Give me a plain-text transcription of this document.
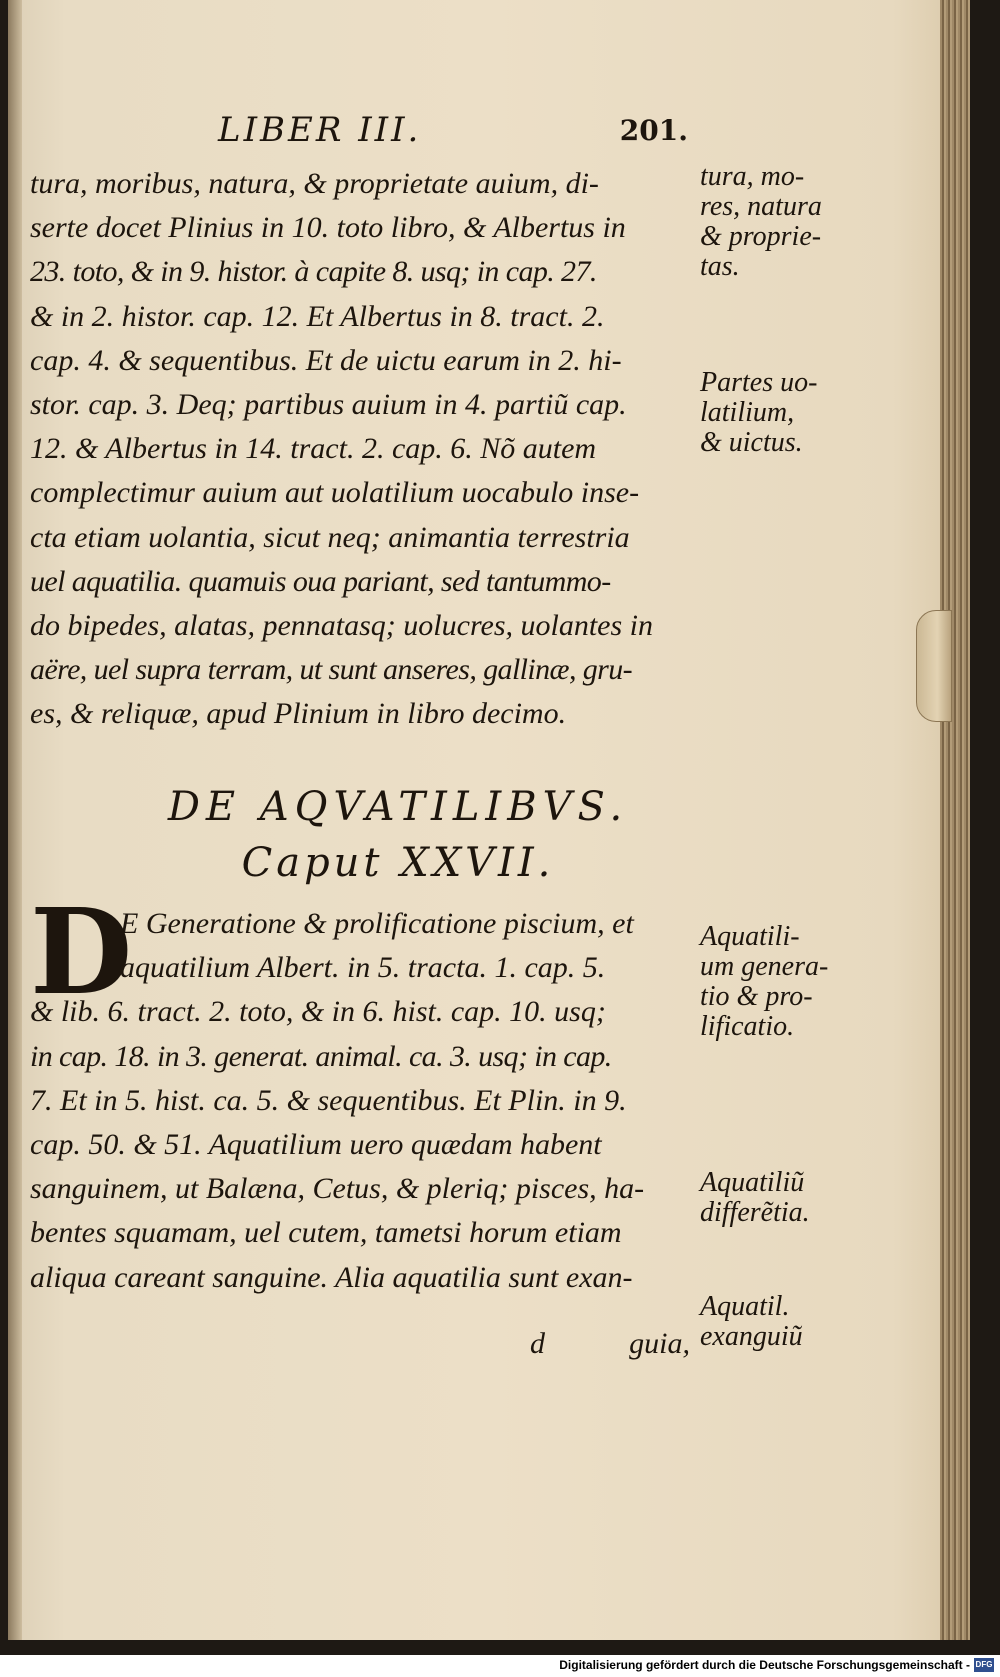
LIBER III.	201.
tura, moribus, natura, & proprietate auium, di-
serte docet Plinius in 10. toto libro, & Albertus in
23. toto, & in 9. histor. à capite 8. usq; in cap. 27.
& in 2. histor. cap. 12. Et Albertus in 8. tract. 2.
cap. 4. & sequentibus. Et de uictu earum in 2. hi-
stor. cap. 3. Deq; partibus auium in 4. partiũ cap.
12. & Albertus in 14. tract. 2. cap. 6. Nõ autem
complectimur auium aut uolatilium uocabulo inse-
cta etiam uolantia, sicut neq; animantia terrestria
uel aquatilia. quamuis oua pariant, sed tantummo-
do bipedes, alatas, pennatasq; uolucres, uolantes in
aëre, uel supra terram, ut sunt anseres, gallinæ, gru-
es, & reliquæ, apud Plinium in libro decimo.
tura, mo-
res, natura
& proprie-
tas.
Partes uo-
latilium,
& uictus.
DE AQVATILIBVS.
Caput XXVII.
D
E Generatione & prolificatione piscium, et
aquatilium Albert. in 5. tracta. 1. cap. 5.
& lib. 6. tract. 2. toto, & in 6. hist. cap. 10. usq;
in cap. 18. in 3. generat. animal. ca. 3. usq; in cap.
7. Et in 5. hist. ca. 5. & sequentibus. Et Plin. in 9.
cap. 50. & 51. Aquatilium uero quædam habent
sanguinem, ut Balæna, Cetus, & pleriq; pisces, ha-
bentes squamam, uel cutem, tametsi horum etiam
aliqua careant sanguine. Alia aquatilia sunt exan-
Aquatili-
um genera-
tio & pro-
lificatio.
Aquatiliũ
differẽtia.
Aquatil.
exanguiũ
d	guia,
Digitalisierung gefördert durch die Deutsche Forschungsgemeinschaft - DFG
